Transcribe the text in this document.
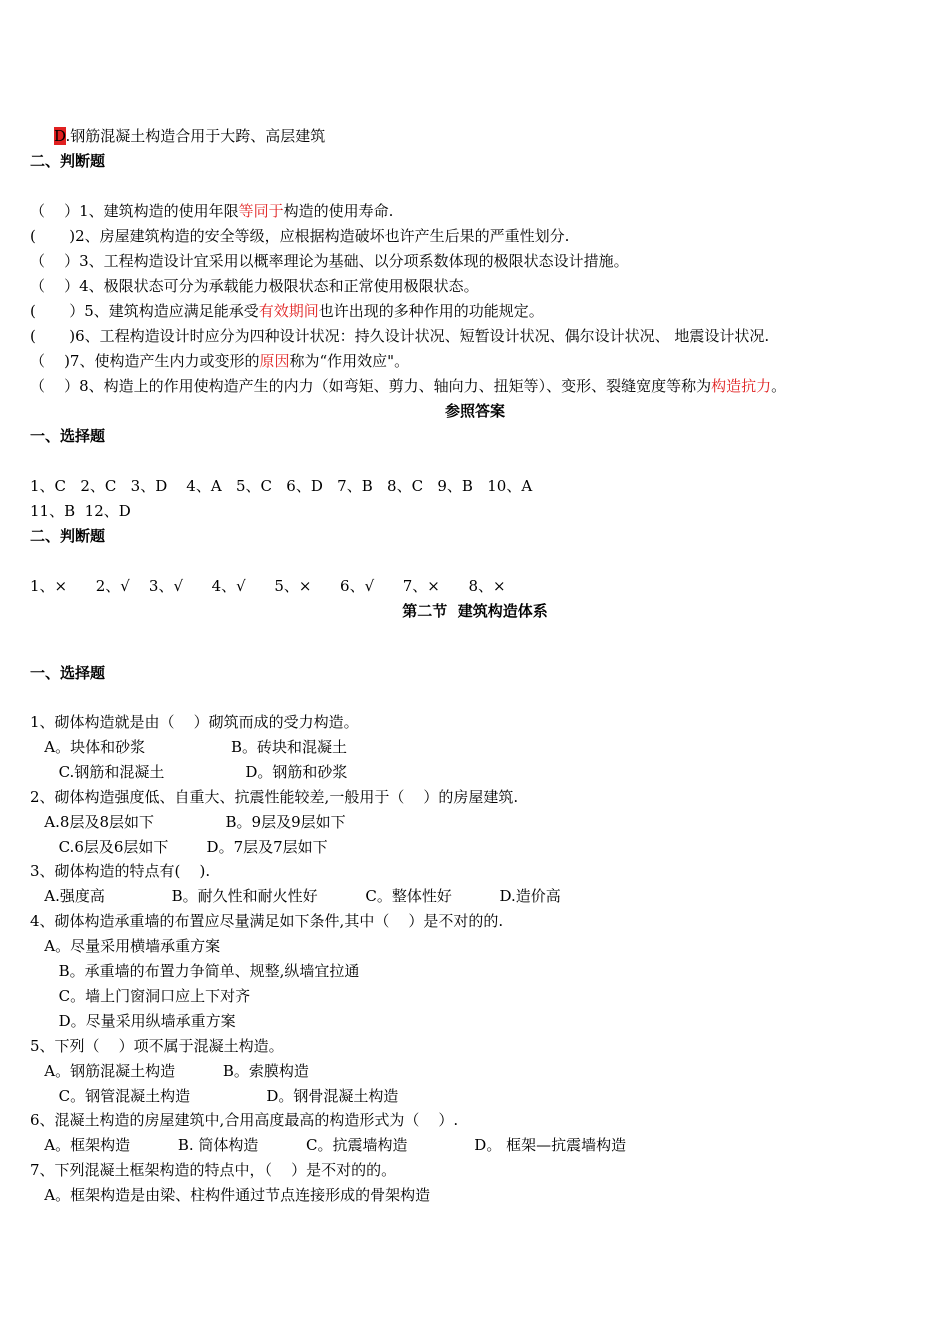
D.钢筋混凝土构造合用于大跨、高层建筑
二、判断题
（    ）1、建筑构造的使用年限等同于构造的使用寿命.
(       )2、房屋建筑构造的安全等级，应根据构造破坏也许产生后果的严重性划分.
（    ）3、工程构造设计宜采用以概率理论为基础、以分项系数体现的极限状态设计措施。
（    ）4、极限状态可分为承载能力极限状态和正常使用极限状态。
(       ）5、建筑构造应满足能承受有效期间也许出现的多种作用的功能规定。
(       )6、工程构造设计时应分为四种设计状况：持久设计状况、短暂设计状况、偶尔设计状况、 地震设计状况.
（    )7、使构造产生内力或变形的原因称为“作用效应"。
（    ）8、构造上的作用使构造产生的内力（如弯矩、剪力、轴向力、扭矩等）、变形、裂缝宽度等称为构造抗力。
参照答案
一、选择题
1、C   2、C   3、D    4、A   5、C   6、D   7、B   8、C   9、B   10、A
11、B  12、D
二、判断题
1、×      2、√    3、√      4、√      5、×      6、√      7、×      8、×
第二节  建筑构造体系
一、选择题
1、砌体构造就是由（    ）砌筑而成的受力构造。
A。块体和砂浆                  B。砖块和混凝土
C.钢筋和混凝土                 D。钢筋和砂浆
2、砌体构造强度低、自重大、抗震性能较差,一般用于（    ）的房屋建筑.
A.8层及8层如下               B。9层及9层如下
C.6层及6层如下        D。7层及7层如下
3、砌体构造的特点有(    ).
A.强度高              B。耐久性和耐火性好          C。整体性好          D.造价高
4、砌体构造承重墙的布置应尽量满足如下条件,其中（    ）是不对的的.
A。尽量采用横墙承重方案
B。承重墙的布置力争简单、规整,纵墙宜拉通
C。墙上门窗洞口应上下对齐
D。尽量采用纵墙承重方案
5、下列（    ）项不属于混凝土构造。
A。钢筋混凝土构造          B。索膜构造
C。钢管混凝土构造                D。钢骨混凝土构造
6、混凝土构造的房屋建筑中,合用高度最高的构造形式为（    ）.
A。框架构造          B. 筒体构造          C。抗震墙构造              D。 框架—抗震墙构造
7、下列混凝土框架构造的特点中，（    ）是不对的的。
A。框架构造是由梁、柱构件通过节点连接形成的骨架构造
